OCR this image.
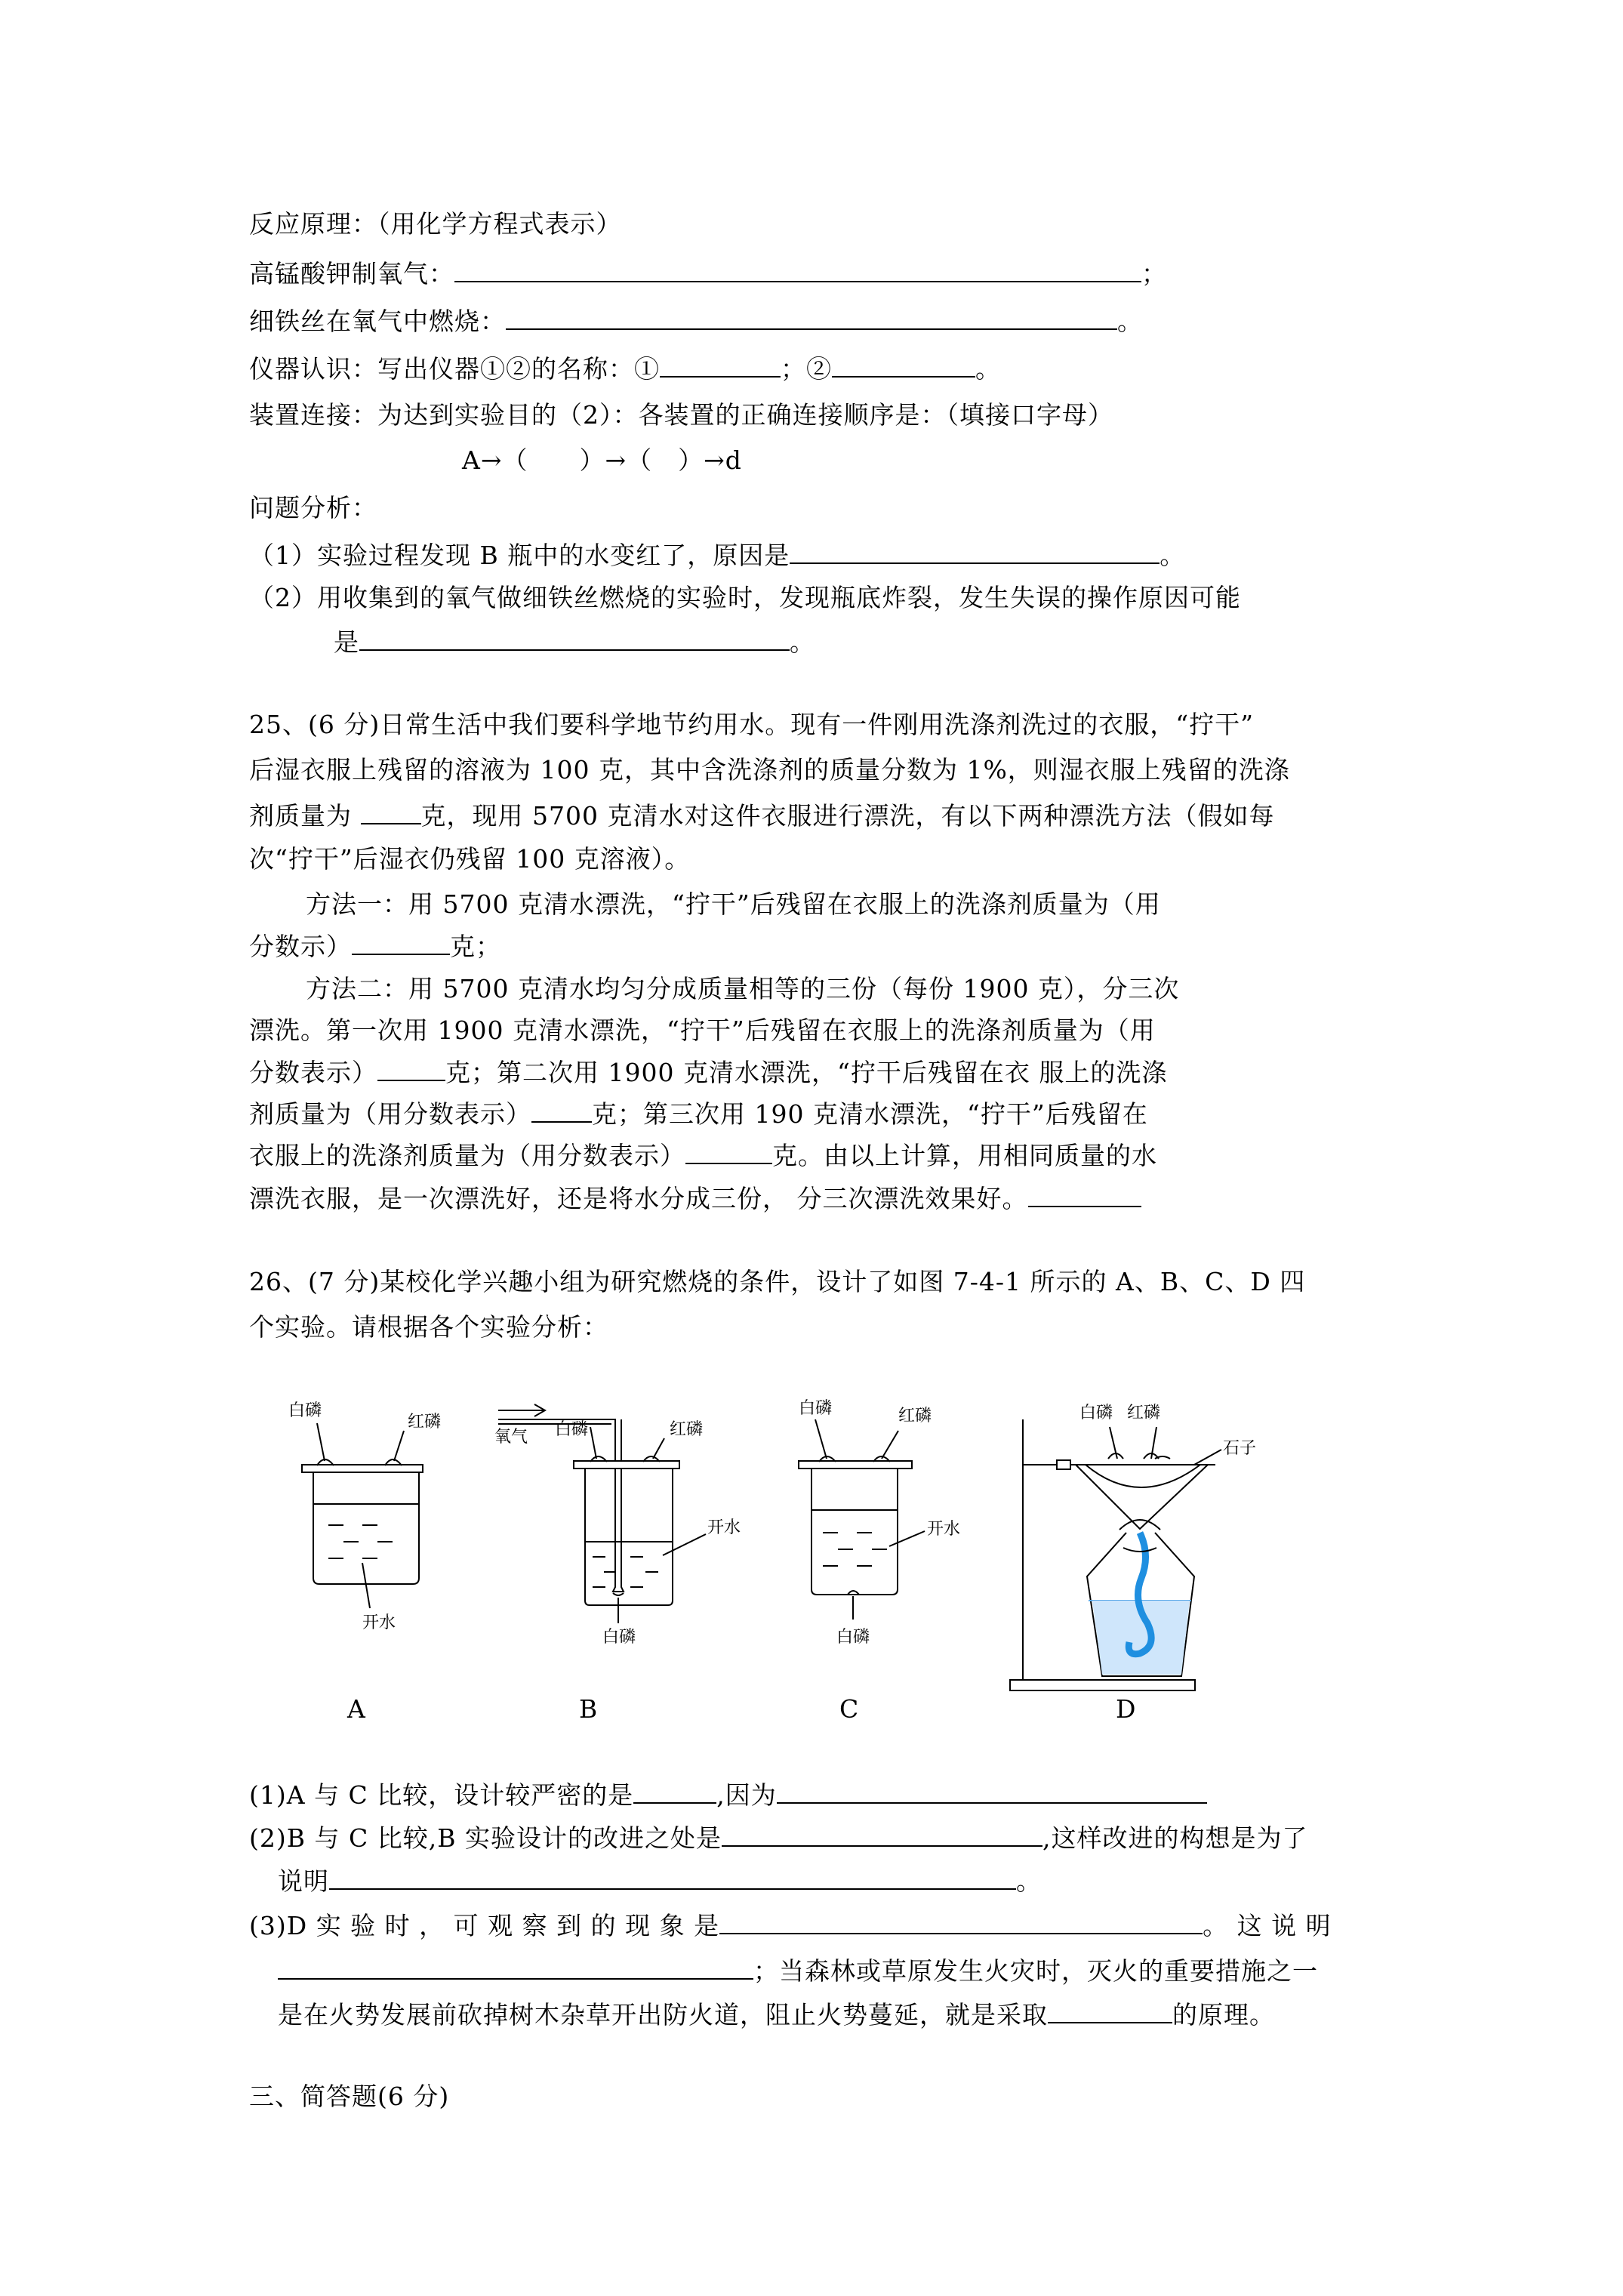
反应原理：（用化学方程式表示）
高锰酸钾制氧气：	；
细铁丝在氧气中燃烧：	。
仪器认识：写出仪器①②的名称：①	；②	。
装置连接：为达到实验目的（2）：各装置的正确连接顺序是：（填接口字母）
A→（　　）→（　）→d
问题分析：
（1）实验过程发现 B 瓶中的水变红了，原因是	。
（2）用收集到的氧气做细铁丝燃烧的实验时，发现瓶底炸裂，发生失误的操作原因可能
是	。
25、(6 分)日常生活中我们要科学地节约用水。现有一件刚用洗涤剂洗过的衣服，“拧干”
后湿衣服上残留的溶液为 100 克，其中含洗涤剂的质量分数为 1%，则湿衣服上残留的洗涤
剂质量为 克，现用 5700 克清水对这件衣服进行漂洗，有以下两种漂洗方法（假如每
次“拧干”后湿衣仍残留 100 克溶液）。
方法一：用 5700 克清水漂洗，“拧干”后残留在衣服上的洗涤剂质量为（用
分数示）	克；
方法二：用 5700 克清水均匀分成质量相等的三份（每份 1900 克），分三次
漂洗。第一次用 1900 克清水漂洗，“拧干”后残留在衣服上的洗涤剂质量为（用
分数表示）	克；第二次用 1900 克清水漂洗，“拧干后残留在衣 服上的洗涤
剂质量为（用分数表示） 克；第三次用 190 克清水漂洗，“拧干”后残留在
衣服上的洗涤剂质量为（用分数表示）	克。由以上计算，用相同质量的水
漂洗衣服，是一次漂洗好，还是将水分成三份， 分三次漂洗效果好。
26、(7 分)某校化学兴趣小组为研究燃烧的条件，设计了如图 7-4-1 所示的 A、B、C、D 四
个实验。请根据各个实验分析：
白磷
红磷
开水
氧气 白磷	红磷
开水
白磷
白磷	红磷
开水
白磷
白磷 红磷
石子
A	B	C	D
(1)A 与 C 比较，设计较严密的是	,因为
(2)B 与 C 比较,B 实验设计的改进之处是	,这样改进的构想是为了
说明	。
(3)D 实 验 时 ， 可 观 察 到 的 现 象 是	。 这 说 明
；当森林或草原发生火灾时，灭火的重要措施之一
是在火势发展前砍掉树木杂草开出防火道，阻止火势蔓延，就是采取	的原理。
三、简答题(6 分)
